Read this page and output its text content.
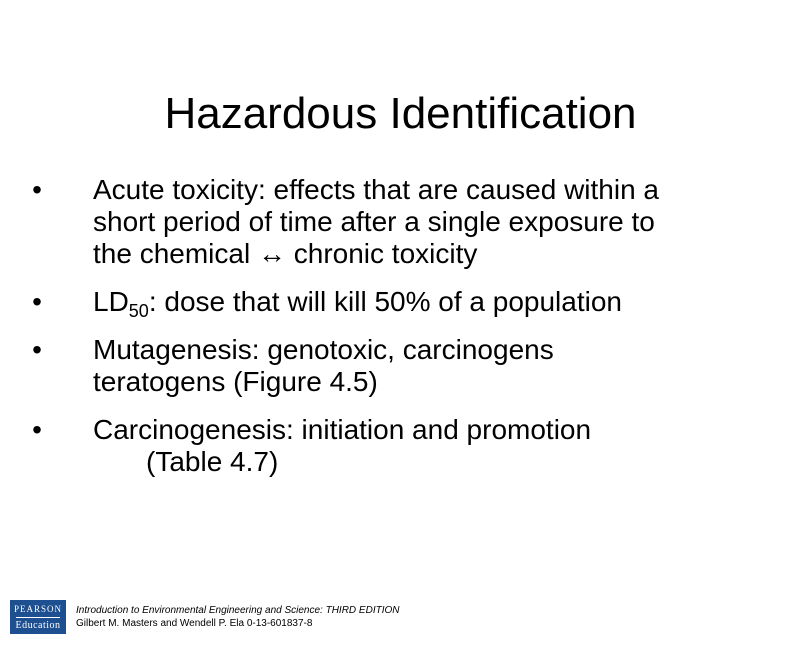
Hazardous Identification
• Acute toxicity: effects that are caused within a
short period of time after a single exposure to
the chemical ↔ chronic toxicity
• $LD_{50}$: dose that will kill 50% of a population
• Mutagenesis: genotoxic, carcinogens
teratogens (Figure 4.5)
• Carcinogenesis: initiation and promotion
(Table 4.7)
PEARSON
Education
Introduction to Environmental Engineering and Science: THIRD EDITION
Gilbert M. Masters and Wendell P. Ela 0-13-601837-8
